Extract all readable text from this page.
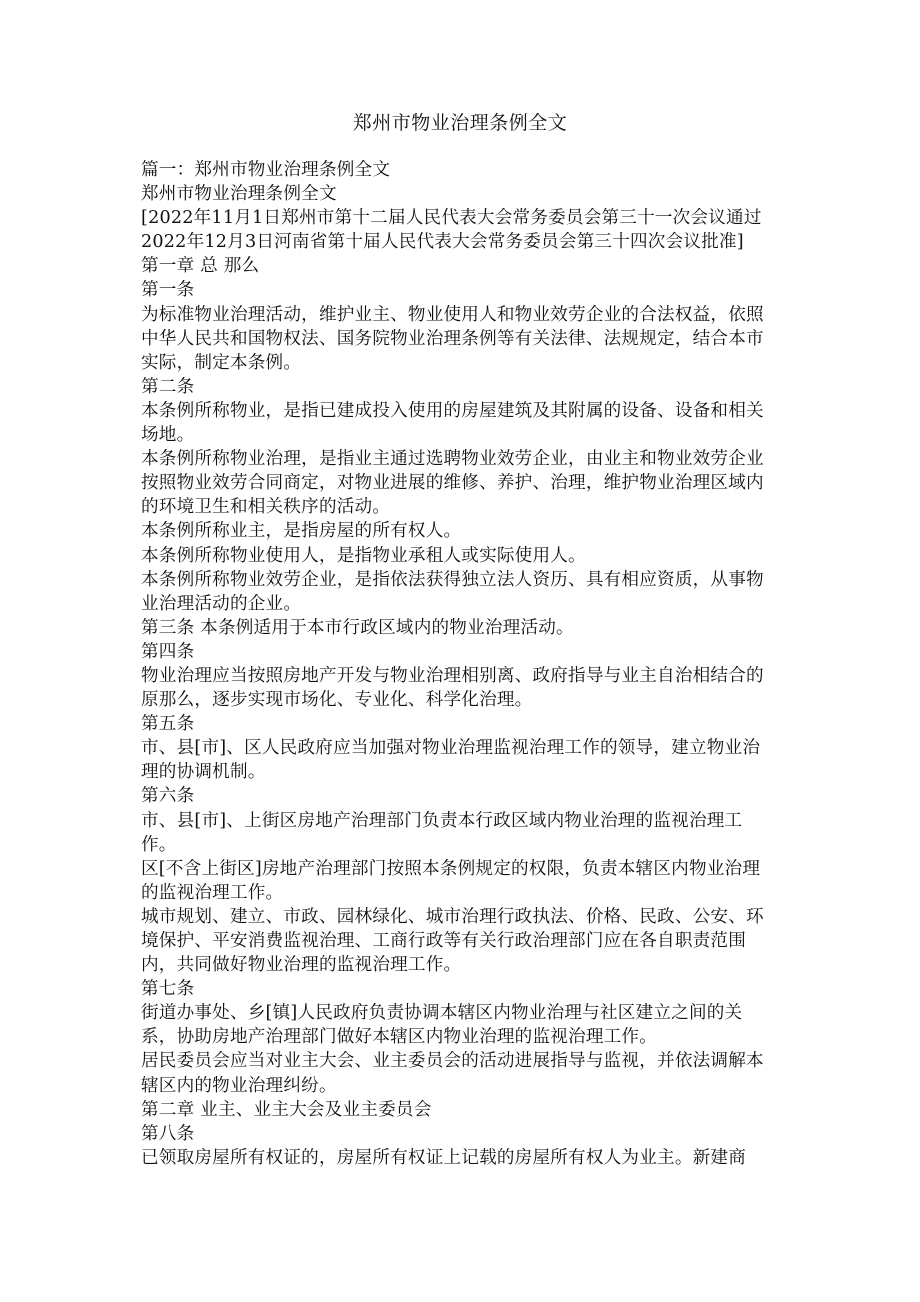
郑州市物业治理条例全文

篇一：郑州市物业治理条例全文

郑州市物业治理条例全文

[2022年11月1日郑州市第十二届人民代表大会常务委员会第三十一次会议通过 2022年12月3日河南省第十届人民代表大会常务委员会第三十四次会议批准]

第一章 总 那么

第一条

为标准物业治理活动，维护业主、物业使用人和物业效劳企业的合法权益，依照中华人民共和国物权法、国务院物业治理条例等有关法律、法规规定，结合本市实际，制定本条例。

第二条

本条例所称物业，是指已建成投入使用的房屋建筑及其附属的设备、设备和相关场地。

本条例所称物业治理，是指业主通过选聘物业效劳企业，由业主和物业效劳企业按照物业效劳合同商定，对物业进展的维修、养护、治理，维护物业治理区域内的环境卫生和相关秩序的活动。

本条例所称业主，是指房屋的所有权人。

本条例所称物业使用人，是指物业承租人或实际使用人。

本条例所称物业效劳企业，是指依法获得独立法人资历、具有相应资质，从事物业治理活动的企业。

第三条 本条例适用于本市行政区域内的物业治理活动。

第四条

物业治理应当按照房地产开发与物业治理相别离、政府指导与业主自治相结合的原那么，逐步实现市场化、专业化、科学化治理。

第五条

市、县[市]、区人民政府应当加强对物业治理监视治理工作的领导，建立物业治理的协调机制。

第六条

市、县[市]、上街区房地产治理部门负责本行政区域内物业治理的监视治理工作。

区[不含上街区]房地产治理部门按照本条例规定的权限，负责本辖区内物业治理的监视治理工作。

城市规划、建立、市政、园林绿化、城市治理行政执法、价格、民政、公安、环境保护、平安消费监视治理、工商行政等有关行政治理部门应在各自职责范围内，共同做好物业治理的监视治理工作。

第七条

街道办事处、乡[镇]人民政府负责协调本辖区内物业治理与社区建立之间的关系，协助房地产治理部门做好本辖区内物业治理的监视治理工作。

居民委员会应当对业主大会、业主委员会的活动进展指导与监视，并依法调解本辖区内的物业治理纠纷。

第二章 业主、业主大会及业主委员会

第八条

已领取房屋所有权证的，房屋所有权证上记载的房屋所有权人为业主。新建商
